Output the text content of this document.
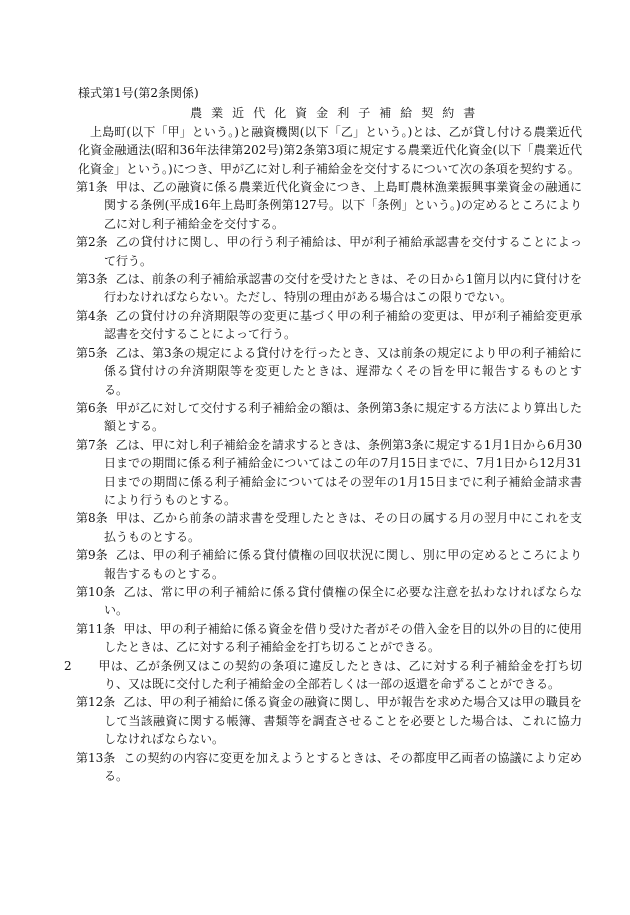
様式第1号(第2条関係)

農 業 近 代 化 資 金 利 子 補 給 契 約 書

上島町(以下「甲」という。)と融資機関(以下「乙」という。)とは、乙が貸し付ける農業近代化資金融通法(昭和36年法律第202号)第2条第3項に規定する農業近代化資金(以下「農業近代化資金」という。)につき、甲が乙に対し利子補給金を交付するについて次の条項を契約する。

第1条 甲は、乙の融資に係る農業近代化資金につき、上島町農林漁業振興事業資金の融通に関する条例(平成16年上島町条例第127号。以下「条例」という。)の定めるところにより乙に対し利子補給金を交付する。

第2条 乙の貸付けに関し、甲の行う利子補給は、甲が利子補給承認書を交付することによって行う。

第3条 乙は、前条の利子補給承認書の交付を受けたときは、その日から1箇月以内に貸付けを行わなければならない。ただし、特別の理由がある場合はこの限りでない。

第4条 乙の貸付けの弁済期限等の変更に基づく甲の利子補給の変更は、甲が利子補給変更承認書を交付することによって行う。

第5条 乙は、第3条の規定による貸付けを行ったとき、又は前条の規定により甲の利子補給に係る貸付けの弁済期限等を変更したときは、遅滞なくその旨を甲に報告するものとする。

第6条 甲が乙に対して交付する利子補給金の額は、条例第3条に規定する方法により算出した額とする。

第7条 乙は、甲に対し利子補給金を請求するときは、条例第3条に規定する1月1日から6月30日までの期間に係る利子補給金についてはこの年の7月15日までに、7月1日から12月31日までの期間に係る利子補給金についてはその翌年の1月15日までに利子補給金請求書により行うものとする。

第8条 甲は、乙から前条の請求書を受理したときは、その日の属する月の翌月中にこれを支払うものとする。

第9条 乙は、甲の利子補給に係る貸付債権の回収状況に関し、別に甲の定めるところにより報告するものとする。

第10条 乙は、常に甲の利子補給に係る貸付債権の保全に必要な注意を払わなければならない。

第11条 甲は、甲の利子補給に係る資金を借り受けた者がその借入金を目的以外の目的に使用したときは、乙に対する利子補給金を打ち切ることができる。

2 甲は、乙が条例又はこの契約の条項に違反したときは、乙に対する利子補給金を打ち切り、又は既に交付した利子補給金の全部若しくは一部の返還を命ずることができる。

第12条 乙は、甲の利子補給に係る資金の融資に関し、甲が報告を求めた場合又は甲の職員をして当該融資に関する帳簿、書類等を調査させることを必要とした場合は、これに協力しなければならない。

第13条 この契約の内容に変更を加えようとするときは、その都度甲乙両者の協議により定める。
